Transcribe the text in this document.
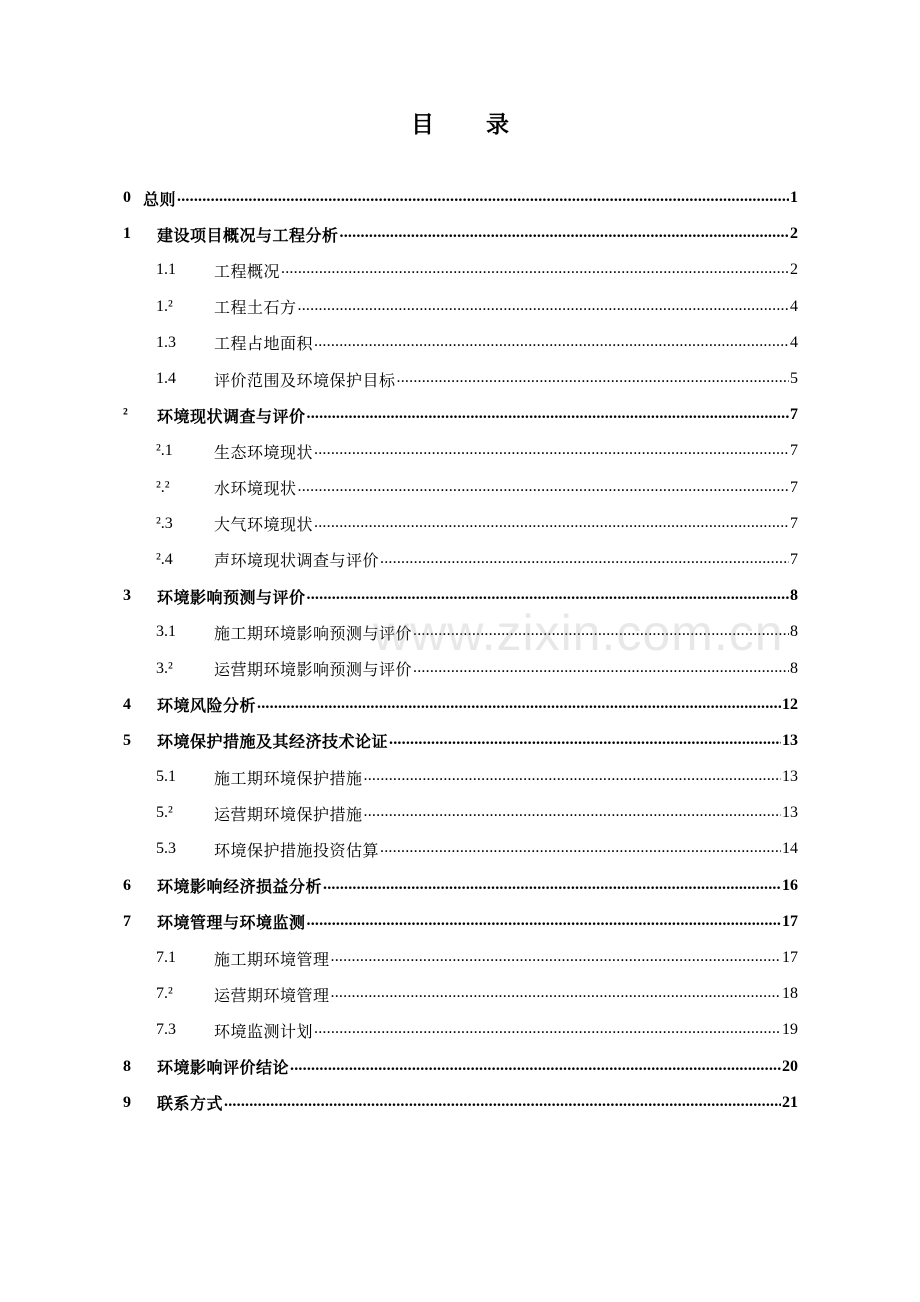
目 录
0 总则 .....	1
1	建设项目概况与工程分析 .....	2
1.1	工程概况 .....	2
1.²	工程土石方 .....	4
1.3	工程占地面积 .....	4
1.4	评价范围及环境保护目标 .....	5
²	环境现状调查与评价 .....	7
².1	生态环境现状 .....	7
².²	水环境现状 .....	7
².3	大气环境现状 .....	7
².4	声环境现状调查与评价 .....	7
3	环境影响预测与评价 .....	8
3.1	施工期环境影响预测与评价 .....	8
3.²	运营期环境影响预测与评价 .....	8
4	环境风险分析 .....	12
5	环境保护措施及其经济技术论证 .....	13
5.1	施工期环境保护措施 .....	13
5.²	运营期环境保护措施 .....	13
5.3	环境保护措施投资估算 .....	14
6	环境影响经济损益分析 .....	16
7	环境管理与环境监测 .....	17
7.1	施工期环境管理 .....	17
7.²	运营期环境管理 .....	18
7.3	环境监测计划 .....	19
8	环境影响评价结论 .....	20
9	联系方式 .....	21
www.zixin.com.cn
